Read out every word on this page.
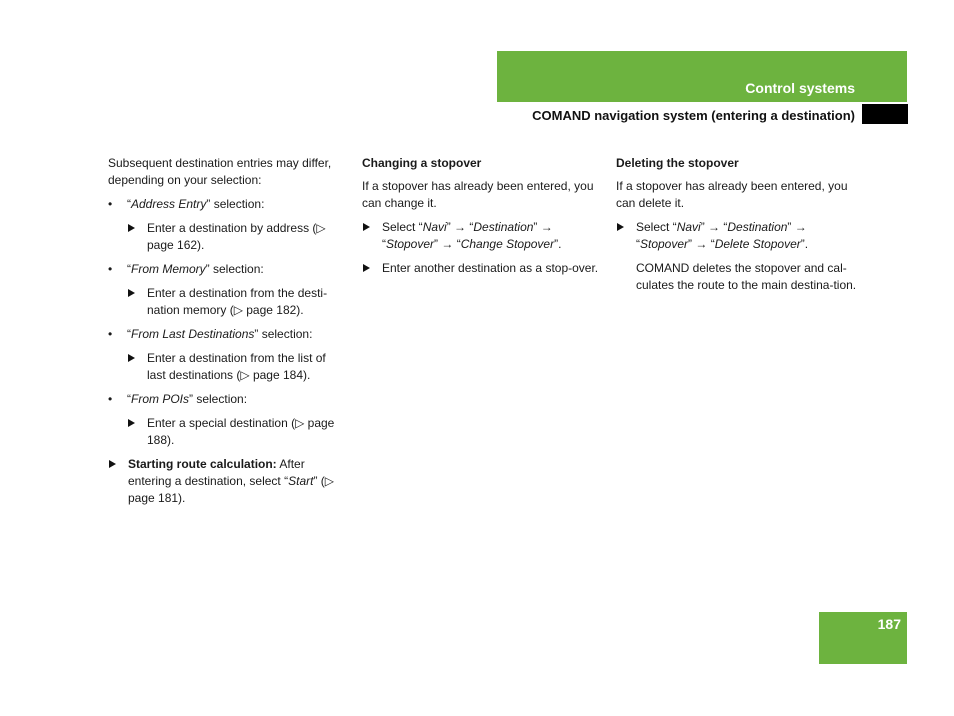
Control systems
COMAND navigation system (entering a destination)

Subsequent destination entries may differ, depending on your selection:

• “Address Entry” selection:
Enter a destination by address (▷ page 162).
• “From Memory” selection:
Enter a destination from the desti-nation memory (▷ page 182).
• “From Last Destinations” selection:
Enter a destination from the list of last destinations (▷ page 184).
• “From POIs” selection:
Enter a special destination (▷ page 188).
Starting route calculation: After entering a destination, select “Start” (▷ page 181).

Changing a stopover

If a stopover has already been entered, you can change it.

Select “Navi” → “Destination” → “Stopover” → “Change Stopover”.
Enter another destination as a stop-over.

Deleting the stopover

If a stopover has already been entered, you can delete it.

Select “Navi” → “Destination” → “Stopover” → “Delete Stopover”.

COMAND deletes the stopover and cal-culates the route to the main destina-tion.

187
